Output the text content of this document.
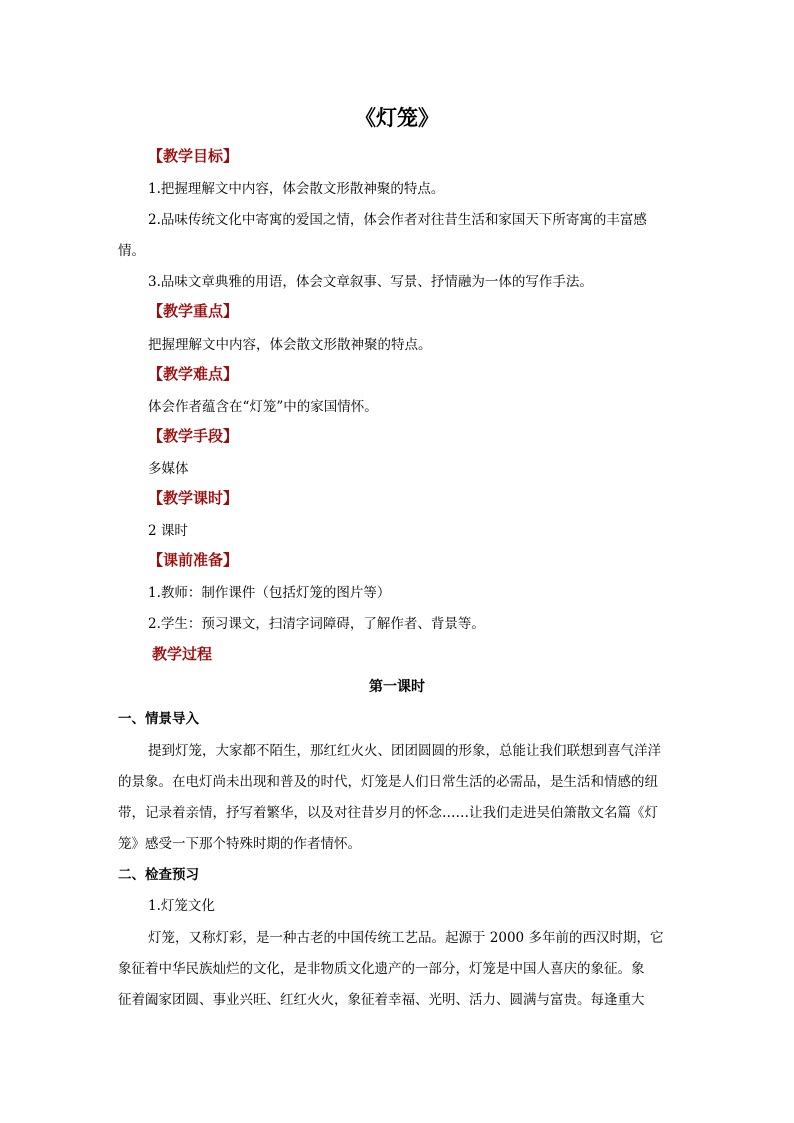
《灯笼》
【教学目标】
1.把握理解文中内容，体会散文形散神聚的特点。
2.品味传统文化中寄寓的爱国之情，体会作者对往昔生活和家国天下所寄寓的丰富感
情。
3.品味文章典雅的用语，体会文章叙事、写景、抒情融为一体的写作手法。
【教学重点】
把握理解文中内容，体会散文形散神聚的特点。
【教学难点】
体会作者蕴含在“灯笼”中的家国情怀。
【教学手段】
多媒体
【教学课时】
2 课时
【课前准备】
1.教师：制作课件（包括灯笼的图片等）
2.学生：预习课文，扫清字词障碍，了解作者、背景等。
教学过程
第一课时
一、情景导入
提到灯笼，大家都不陌生，那红红火火、团团圆圆的形象，总能让我们联想到喜气洋洋
的景象。在电灯尚未出现和普及的时代，灯笼是人们日常生活的必需品，是生活和情感的纽
带，记录着亲情，抒写着繁华，以及对往昔岁月的怀念……让我们走进吴伯箫散文名篇《灯
笼》感受一下那个特殊时期的作者情怀。
二、检查预习
1.灯笼文化
灯笼，又称灯彩，是一种古老的中国传统工艺品。起源于 2000 多年前的西汉时期，它
象征着中华民族灿烂的文化，是非物质文化遗产的一部分，灯笼是中国人喜庆的象征。象
征着阖家团圆、事业兴旺、红红火火，象征着幸福、光明、活力、圆满与富贵。每逢重大
